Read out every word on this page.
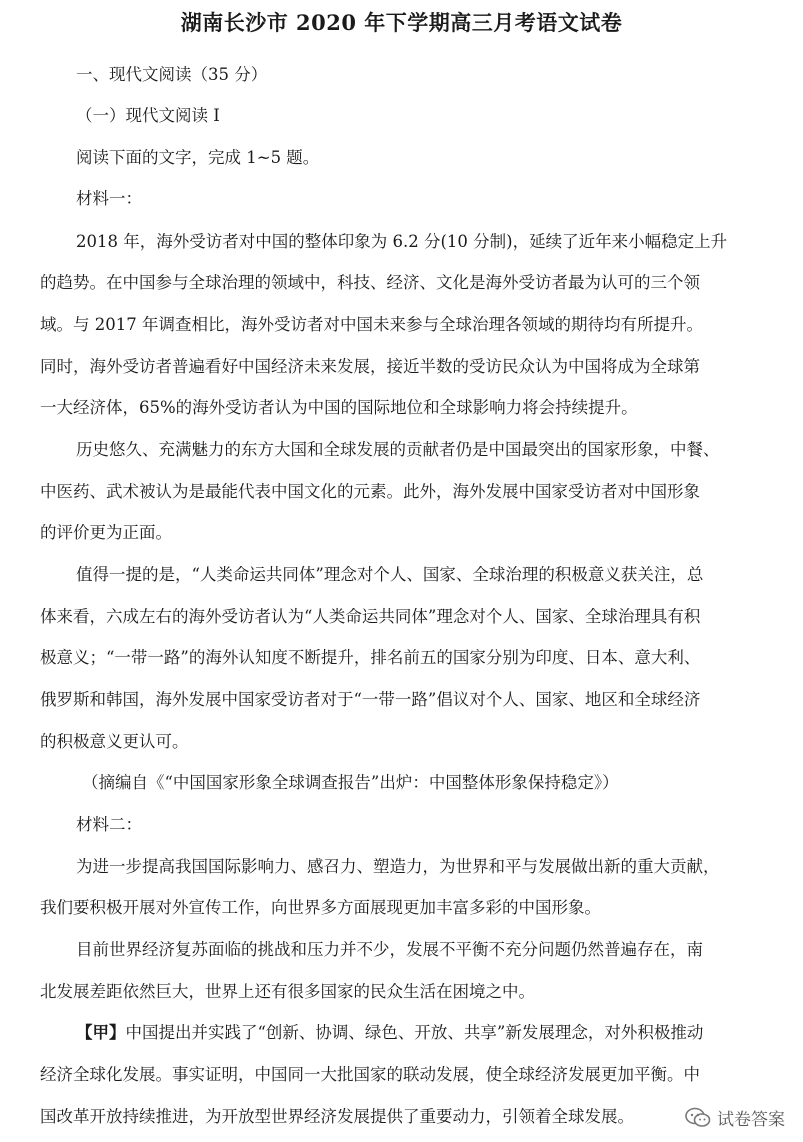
湖南长沙市 2020 年下学期高三月考语文试卷
一、现代文阅读（35 分）
（一）现代文阅读 I
阅读下面的文字，完成 1~5 题。
材料一：
2018 年，海外受访者对中国的整体印象为 6.2 分(10 分制)，延续了近年来小幅稳定上升
的趋势。在中国参与全球治理的领域中，科技、经济、文化是海外受访者最为认可的三个领
域。与 2017 年调查相比，海外受访者对中国未来参与全球治理各领域的期待均有所提升。
同时，海外受访者普遍看好中国经济未来发展，接近半数的受访民众认为中国将成为全球第
一大经济体，65%的海外受访者认为中国的国际地位和全球影响力将会持续提升。
历史悠久、充满魅力的东方大国和全球发展的贡献者仍是中国最突出的国家形象，中餐、
中医药、武术被认为是最能代表中国文化的元素。此外，海外发展中国家受访者对中国形象
的评价更为正面。
值得一提的是，“人类命运共同体”理念对个人、国家、全球治理的积极意义获关注，总
体来看，六成左右的海外受访者认为“人类命运共同体”理念对个人、国家、全球治理具有积
极意义；“一带一路”的海外认知度不断提升，排名前五的国家分别为印度、日本、意大利、
俄罗斯和韩国，海外发展中国家受访者对于“一带一路”倡议对个人、国家、地区和全球经济
的积极意义更认可。
（摘编自《“中国国家形象全球调查报告”出炉：中国整体形象保持稳定》）
材料二：
为进一步提高我国国际影响力、感召力、塑造力，为世界和平与发展做出新的重大贡献，
我们要积极开展对外宣传工作，向世界多方面展现更加丰富多彩的中国形象。
目前世界经济复苏面临的挑战和压力并不少，发展不平衡不充分问题仍然普遍存在，南
北发展差距依然巨大，世界上还有很多国家的民众生活在困境之中。
【甲】中国提出并实践了“创新、协调、绿色、开放、共享”新发展理念，对外积极推动
经济全球化发展。事实证明，中国同一大批国家的联动发展，使全球经济发展更加平衡。中
国改革开放持续推进，为开放型世界经济发展提供了重要动力，引领着全球发展。	试卷答案
